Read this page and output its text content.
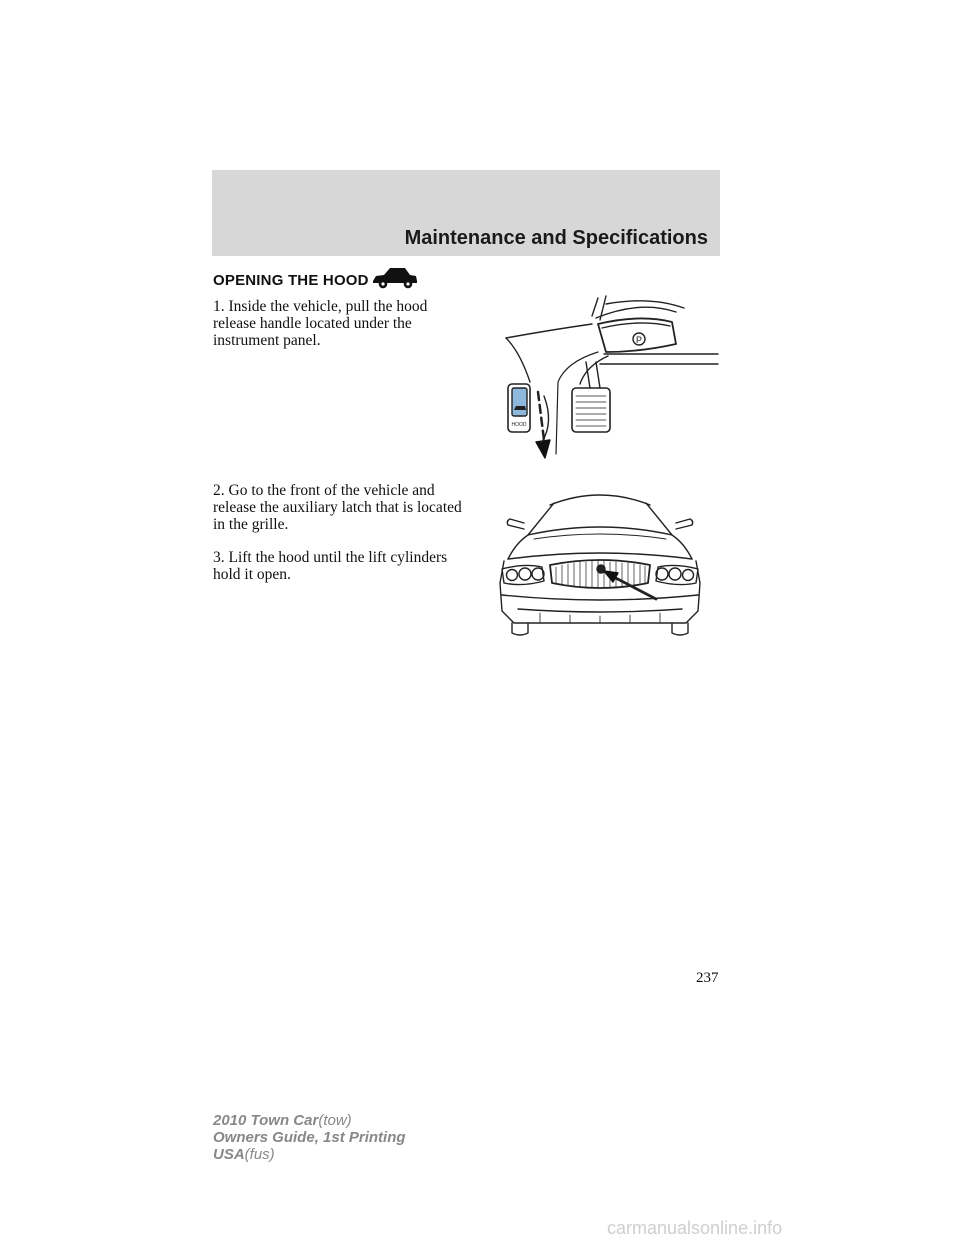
Maintenance and Specifications
OPENING THE HOOD
1. Inside the vehicle, pull the hood release handle located under the instrument panel.
2. Go to the front of the vehicle and release the auxiliary latch that is located in the grille.
3. Lift the hood until the lift cylinders hold it open.
P
HOOD
237
2010 Town Car(tow)
Owners Guide, 1st Printing
USA(fus)
carmanualsonline.info
